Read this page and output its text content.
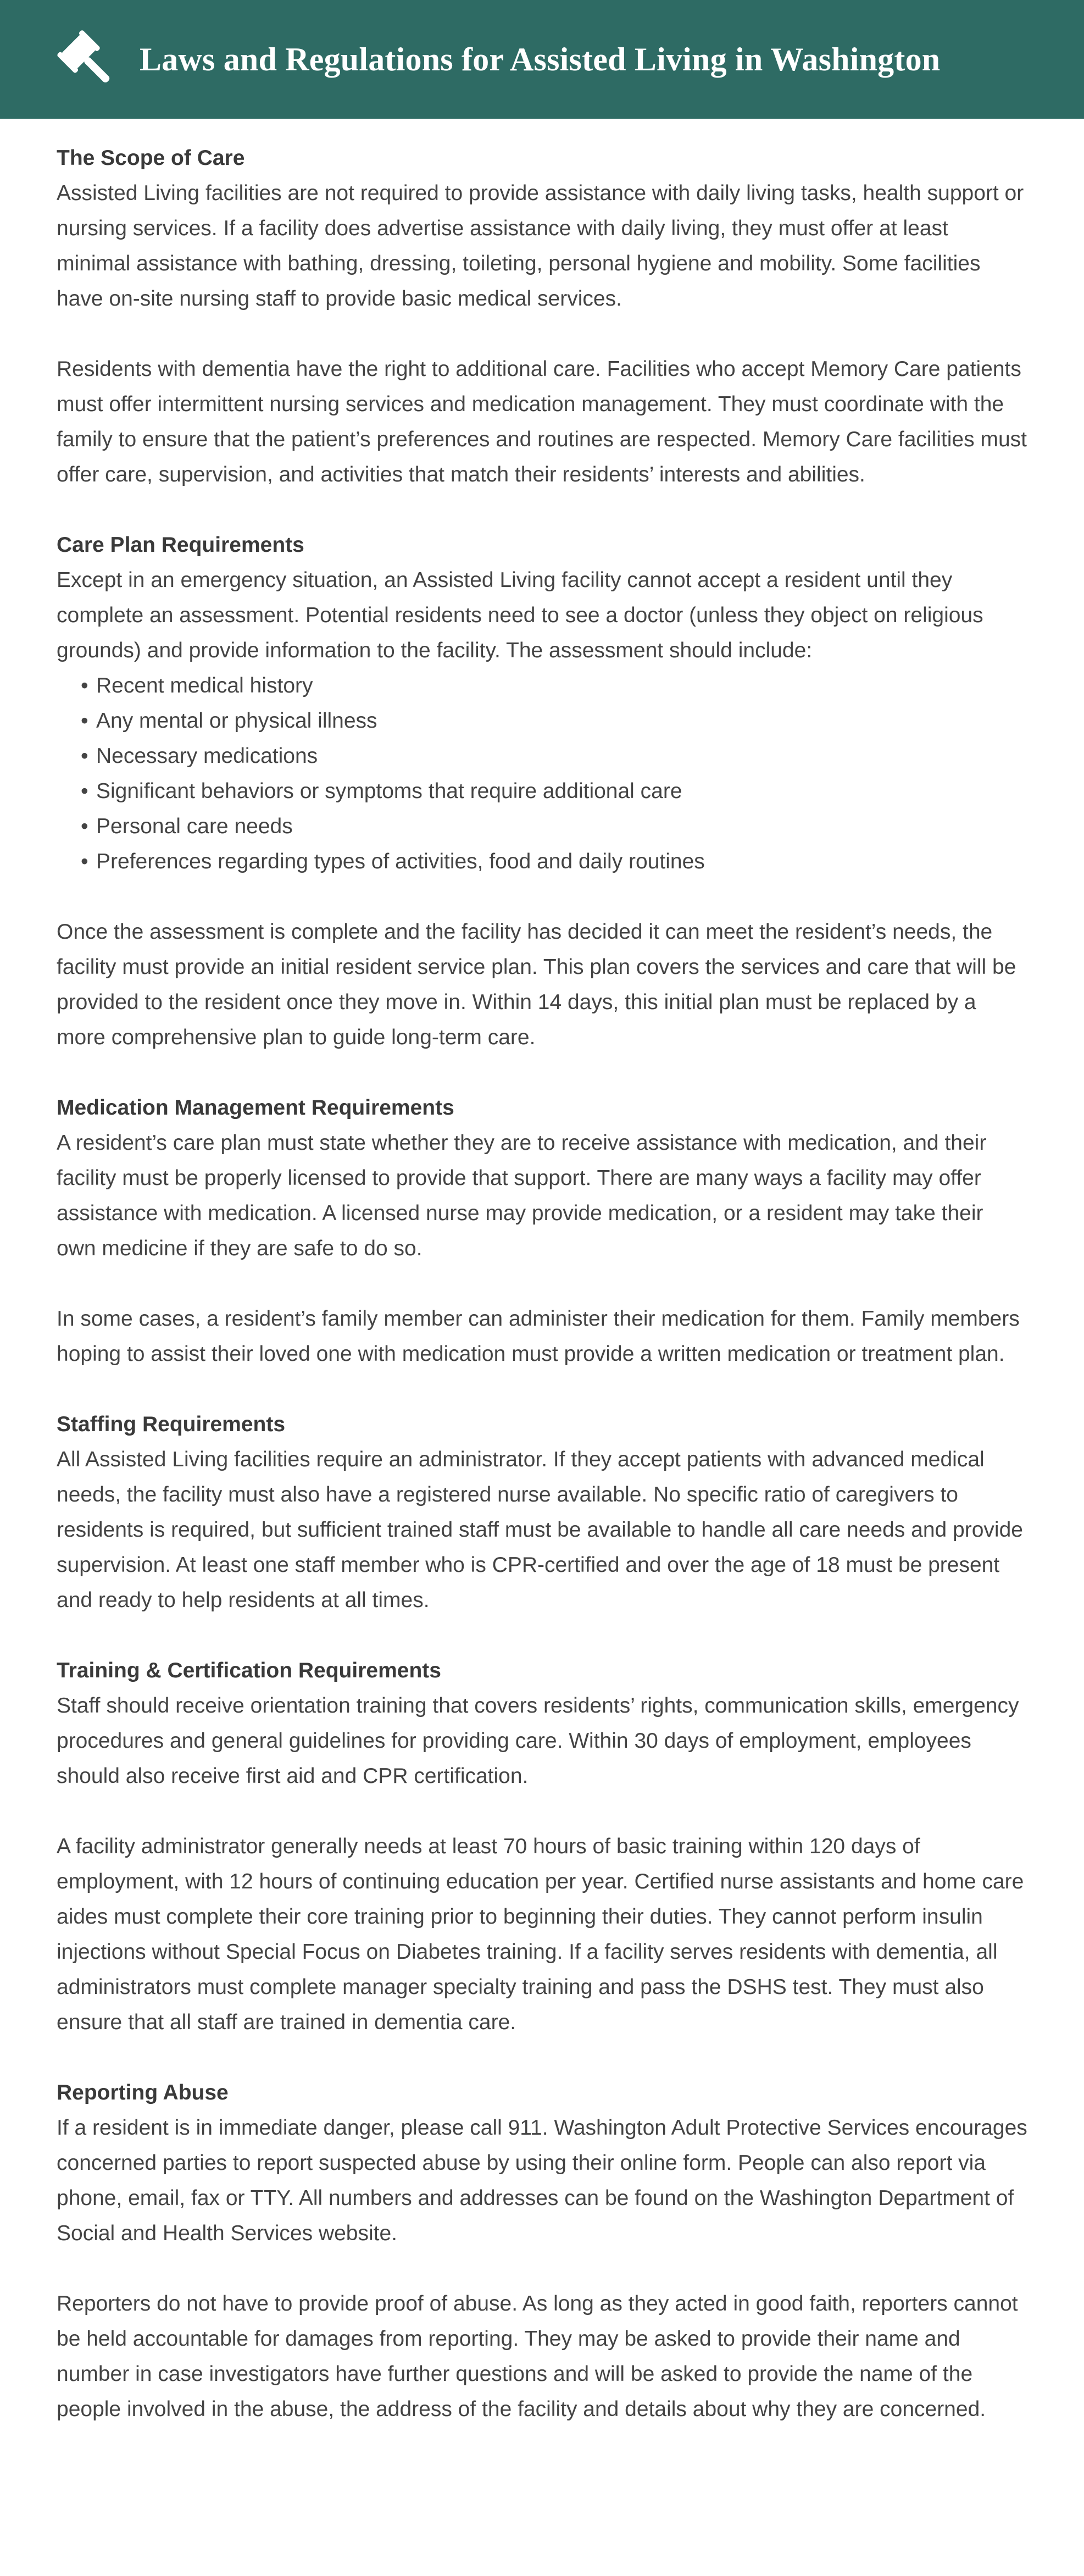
Laws and Regulations for Assisted Living in Washington
The Scope of Care

Assisted Living facilities are not required to provide assistance with daily living tasks, health support or nursing services. If a facility does advertise assistance with daily living, they must offer at least minimal assistance with bathing, dressing, toileting, personal hygiene and mobility. Some facilities have on-site nursing staff to provide basic medical services.

Residents with dementia have the right to additional care. Facilities who accept Memory Care patients must offer intermittent nursing services and medication management. They must coordinate with the family to ensure that the patient’s preferences and routines are respected. Memory Care facilities must offer care, supervision, and activities that match their residents’ interests and abilities.

Care Plan Requirements

Except in an emergency situation, an Assisted Living facility cannot accept a resident until they complete an assessment. Potential residents need to see a doctor (unless they object on religious grounds) and provide information to the facility. The assessment should include:

• Recent medical history
• Any mental or physical illness
• Necessary medications
• Significant behaviors or symptoms that require additional care
• Personal care needs
• Preferences regarding types of activities, food and daily routines

Once the assessment is complete and the facility has decided it can meet the resident’s needs, the facility must provide an initial resident service plan. This plan covers the services and care that will be provided to the resident once they move in. Within 14 days, this initial plan must be replaced by a more comprehensive plan to guide long-term care.

Medication Management Requirements

A resident’s care plan must state whether they are to receive assistance with medication, and their facility must be properly licensed to provide that support. There are many ways a facility may offer assistance with medication. A licensed nurse may provide medication, or a resident may take their own medicine if they are safe to do so.

In some cases, a resident’s family member can administer their medication for them. Family members hoping to assist their loved one with medication must provide a written medication or treatment plan.

Staffing Requirements

All Assisted Living facilities require an administrator. If they accept patients with advanced medical needs, the facility must also have a registered nurse available. No specific ratio of caregivers to residents is required, but sufficient trained staff must be available to handle all care needs and provide supervision. At least one staff member who is CPR-certified and over the age of 18 must be present and ready to help residents at all times.

Training & Certification Requirements

Staff should receive orientation training that covers residents’ rights, communication skills, emergency procedures and general guidelines for providing care. Within 30 days of employment, employees should also receive first aid and CPR certification.

A facility administrator generally needs at least 70 hours of basic training within 120 days of employment, with 12 hours of continuing education per year. Certified nurse assistants and home care aides must complete their core training prior to beginning their duties. They cannot perform insulin injections without Special Focus on Diabetes training. If a facility serves residents with dementia, all administrators must complete manager specialty training and pass the DSHS test. They must also ensure that all staff are trained in dementia care.

Reporting Abuse

If a resident is in immediate danger, please call 911. Washington Adult Protective Services encourages concerned parties to report suspected abuse by using their online form. People can also report via phone, email, fax or TTY. All numbers and addresses can be found on the Washington Department of Social and Health Services website.

Reporters do not have to provide proof of abuse. As long as they acted in good faith, reporters cannot be held accountable for damages from reporting. They may be asked to provide their name and number in case investigators have further questions and will be asked to provide the name of the people involved in the abuse, the address of the facility and details about why they are concerned.
